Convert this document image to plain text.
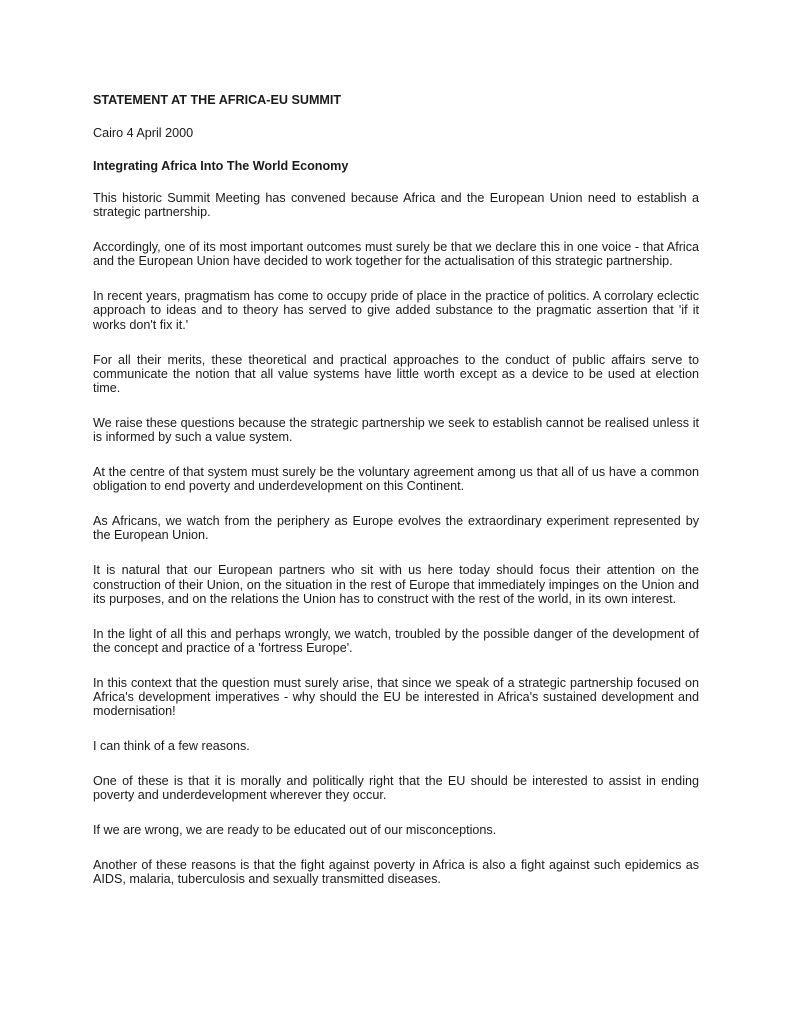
STATEMENT AT THE AFRICA-EU SUMMIT

Cairo 4 April 2000

Integrating Africa Into The World Economy

This historic Summit Meeting has convened because Africa and the European Union need to establish a strategic partnership.

Accordingly, one of its most important outcomes must surely be that we declare this in one voice - that Africa and the European Union have decided to work together for the actualisation of this strategic partnership.

In recent years, pragmatism has come to occupy pride of place in the practice of politics. A corrolary eclectic approach to ideas and to theory has served to give added substance to the pragmatic assertion that 'if it works don't fix it.'

For all their merits, these theoretical and practical approaches to the conduct of public affairs serve to communicate the notion that all value systems have little worth except as a device to be used at election time.

We raise these questions because the strategic partnership we seek to establish cannot be realised unless it is informed by such a value system.

At the centre of that system must surely be the voluntary agreement among us that all of us have a common obligation to end poverty and underdevelopment on this Continent.

As Africans, we watch from the periphery as Europe evolves the extraordinary experiment represented by the European Union.

It is natural that our European partners who sit with us here today should focus their attention on the construction of their Union, on the situation in the rest of Europe that immediately impinges on the Union and its purposes, and on the relations the Union has to construct with the rest of the world, in its own interest.

In the light of all this and perhaps wrongly, we watch, troubled by the possible danger of the development of the concept and practice of a 'fortress Europe'.

In this context that the question must surely arise, that since we speak of a strategic partnership focused on Africa's development imperatives - why should the EU be interested in Africa's sustained development and modernisation!

I can think of a few reasons.

One of these is that it is morally and politically right that the EU should be interested to assist in ending poverty and underdevelopment wherever they occur.

If we are wrong, we are ready to be educated out of our misconceptions.

Another of these reasons is that the fight against poverty in Africa is also a fight against such epidemics as AIDS, malaria, tuberculosis and sexually transmitted diseases.
